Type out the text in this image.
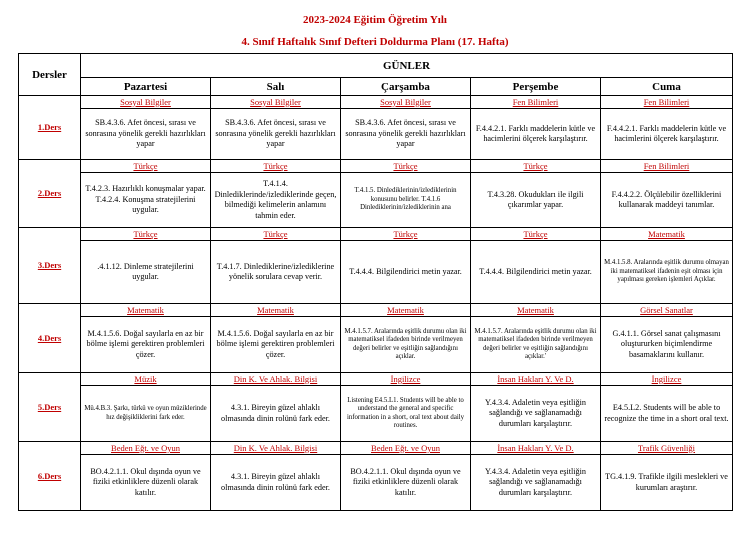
2023-2024 Eğitim Öğretim Yılı
4. Sınıf Haftalık Sınıf Defteri Doldurma Planı (17. Hafta)
Dersler	GÜNLER				
	Pazartesi	Salı	Çarşamba	Perşembe	Cuma
1.Ders	Sosyal Bilgiler	Sosyal Bilgiler	Sosyal Bilgiler	Fen Bilimleri	Fen Bilimleri

	SB.4.3.6. Afet öncesi, sırası ve sonrasına yönelik gerekli hazırlıkları yapar	SB.4.3.6. Afet öncesi, sırası ve sonrasına yönelik gerekli hazırlıkları yapar	SB.4.3.6. Afet öncesi, sırası ve sonrasına yönelik gerekli hazırlıkları yapar	F.4.4.2.1. Farklı maddelerin kütle ve hacimlerini ölçerek karşılaştırır.	F.4.4.2.1. Farklı maddelerin kütle ve hacimlerini ölçerek karşılaştırır.

2.Ders	Türkçe	Türkçe	Türkçe	Türkçe	Fen Bilimleri

	T.4.2.3. Hazırlıklı konuşmalar yapar. T.4.2.4. Konuşma stratejilerini uygular.	T.4.1.4. Dinlediklerinde/izlediklerinde geçen, bilmediği kelimelerin anlamını tahmin eder.	T.4.1.5. Dinlediklerinin/izlediklerinin konusunu belirler. T.4.1.6 Dinlediklerinin/izlediklerinin ana	T.4.3.28. Okudukları ile ilgili çıkarımlar yapar.	F.4.4.2.2. Ölçülebilir özelliklerini kullanarak maddeyi tanımlar.

3.Ders	Türkçe	Türkçe	Türkçe	Türkçe	Matematik

	.4.1.12. Dinleme stratejilerini uygular.	T.4.1.7. Dinlediklerine/izlediklerine yönelik sorulara cevap verir.	T.4.4.4. Bilgilendirici metin yazar.	T.4.4.4. Bilgilendirici metin yazar.	M.4.1.5.8. Aralarında eşitlik durumu olmayan iki matematiksel ifadenin eşit olması için yapılması gereken işlemleri Açıklar.

4.Ders	Matematik	Matematik	Matematik	Matematik	Görsel Sanatlar

	M.4.1.5.6. Doğal sayılarla en az bir bölme işlemi gerektiren problemleri çözer.	M.4.1.5.6. Doğal sayılarla en az bir bölme işlemi gerektiren problemleri çözer.	M.4.1.5.7. Aralarında eşitlik durumu olan iki matematiksel ifadeden birinde verilmeyen değeri belirler ve eşitliğin sağlandığını açıklar.	M.4.1.5.7. Aralarında eşitlik durumu olan iki matematiksel ifadeden birinde verilmeyen değeri belirler ve eşitliğin sağlandığını açıklar.'	G.4.1.1. Görsel sanat çalışmasını oluştururken biçimlendirme basamaklarını kullanır.

5.Ders	Müzik	Din K. Ve Ahlak. Bilgisi	İngilizce	İnsan Hakları Y. Ve D.	İngilizce

	Mü.4.B.3. Şarkı, türkü ve oyun müziklerinde hız değişikliklerini fark eder.	4.3.1. Bireyin güzel ahlaklı olmasında dinin rolünü fark eder.	Listening E4.5.L1. Students will be able to understand the general and specific information in a short, oral text about daily routines.	Y.4.3.4. Adaletin veya eşitliğin sağlandığı ve sağlanamadığı durumları karşılaştırır.	E4.5.L2. Students will be able to recognize the time in a short oral text.

6.Ders	Beden Eğt. ve Oyun	Din K. Ve Ahlak. Bilgisi	Beden Eğt. ve Oyun	İnsan Hakları Y. Ve D.	Trafik Güvenliği

	BO.4.2.1.1. Okul dışında oyun ve fiziki etkinliklere düzenli olarak katılır.	4.3.1. Bireyin güzel ahlaklı olmasında dinin rolünü fark eder.	BO.4.2.1.1. Okul dışında oyun ve fiziki etkinliklere düzenli olarak katılır.	Y.4.3.4. Adaletin veya eşitliğin sağlandığı ve sağlanamadığı durumları karşılaştırır.	TG.4.1.9. Trafikle ilgili meslekleri ve kurumları araştırır.
